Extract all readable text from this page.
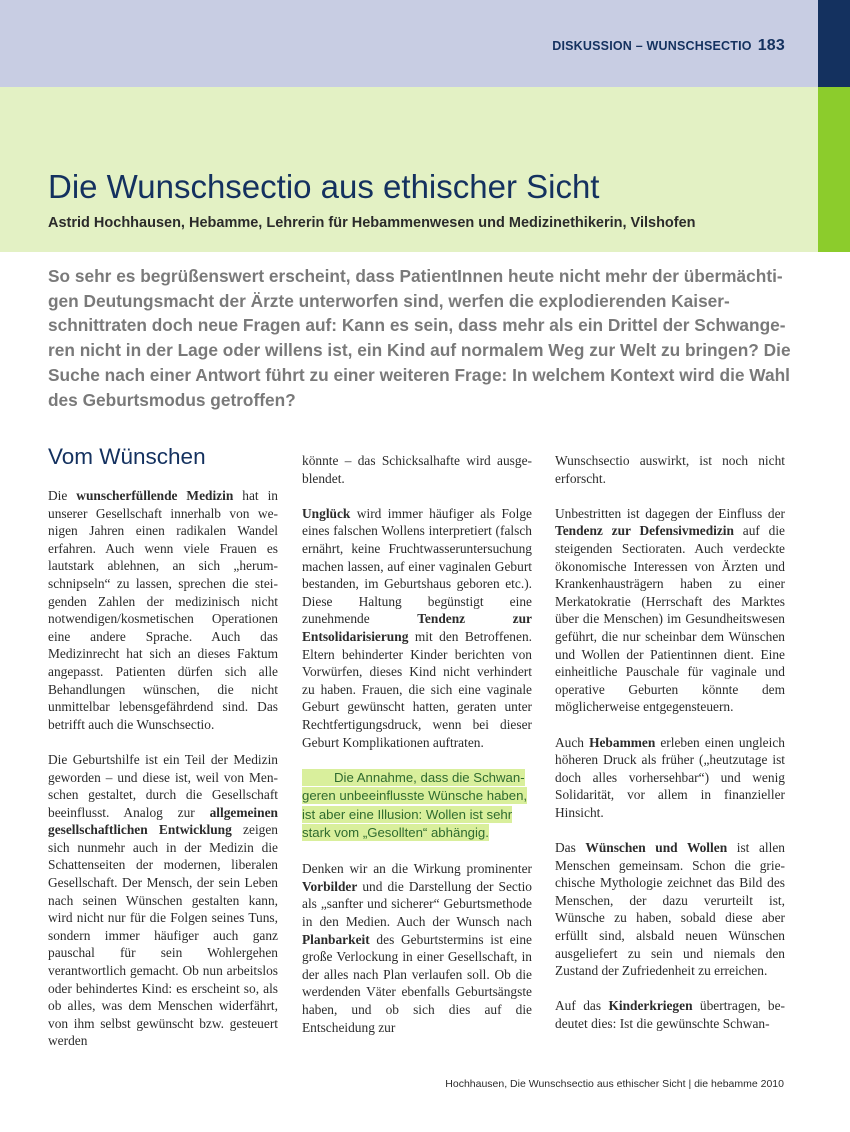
DISKUSSION – WUNSCHSECTIO 183
Die Wunschsectio aus ethischer Sicht

Astrid Hochhausen, Hebamme, Lehrerin für Hebammenwesen und Medizinethikerin, Vilshofen

So sehr es begrüßenswert erscheint, dass PatientInnen heute nicht mehr der übermächtigen Deutungsmacht der Ärzte unterworfen sind, werfen die explodierenden Kaiserschnittraten doch neue Fragen auf: Kann es sein, dass mehr als ein Drittel der Schwangeren nicht in der Lage oder willens ist, ein Kind auf normalem Weg zur Welt zu bringen? Die Suche nach einer Antwort führt zu einer weiteren Frage: In welchem Kontext wird die Wahl des Geburtsmodus getroffen?

Vom Wünschen

Die wunscherfüllende Medizin hat in unserer Gesellschaft innerhalb von wenigen Jahren einen radikalen Wandel erfahren. Auch wenn viele Frauen es lautstark ablehnen, an sich „herumschnipseln“ zu lassen, sprechen die steigenden Zahlen der medizinisch nicht notwendigen/kosmetischen Operationen eine andere Sprache. Auch das Medizinrecht hat sich an dieses Faktum angepasst. Patienten dürfen sich alle Behandlungen wünschen, die nicht unmittelbar lebensgefährdend sind. Das betrifft auch die Wunschsectio.

Die Geburtshilfe ist ein Teil der Medizin geworden – und diese ist, weil von Menschen gestaltet, durch die Gesellschaft beeinflusst. Analog zur allgemeinen gesellschaftlichen Entwicklung zeigen sich nunmehr auch in der Medizin die Schattenseiten der modernen, liberalen Gesellschaft. Der Mensch, der sein Leben nach seinen Wünschen gestalten kann, wird nicht nur für die Folgen seines Tuns, sondern immer häufiger auch ganz pauschal für sein Wohlergehen verantwortlich gemacht. Ob nun arbeitslos oder behindertes Kind: es erscheint so, als ob alles, was dem Menschen widerfährt, von ihm selbst gewünscht bzw. gesteuert werden

könnte – das Schicksalhafte wird ausgeblendet.

Unglück wird immer häufiger als Folge eines falschen Wollens interpretiert (falsch ernährt, keine Fruchtwasseruntersuchung machen lassen, auf einer vaginalen Geburt bestanden, im Geburtshaus geboren etc.). Diese Haltung begünstigt eine zunehmende Tendenz zur Entsolidarisierung mit den Betroffenen. Eltern behinderter Kinder berichten von Vorwürfen, dieses Kind nicht verhindert zu haben. Frauen, die sich eine vaginale Geburt gewünscht hatten, geraten unter Rechtfertigungsdruck, wenn bei dieser Geburt Komplikationen auftraten.

Die Annahme, dass die Schwangeren unbeeinflusste Wünsche haben, ist aber eine Illusion: Wollen ist sehr stark vom „Gesollten“ abhängig.

Denken wir an die Wirkung prominenter Vorbilder und die Darstellung der Sectio als „sanfter und sicherer“ Geburtsmethode in den Medien. Auch der Wunsch nach Planbarkeit des Geburtstermins ist eine große Verlockung in einer Gesellschaft, in der alles nach Plan verlaufen soll. Ob die werdenden Väter ebenfalls Geburtsängste haben, und ob sich dies auf die Entscheidung zur

Wunschsectio auswirkt, ist noch nicht erforscht.

Unbestritten ist dagegen der Einfluss der Tendenz zur Defensivmedizin auf die steigenden Sectioraten. Auch verdeckte ökonomische Interessen von Ärzten und Krankenhausträgern haben zu einer Merkatokratie (Herrschaft des Marktes über die Menschen) im Gesundheitswesen geführt, die nur scheinbar dem Wünschen und Wollen der Patientinnen dient. Eine einheitliche Pauschale für vaginale und operative Geburten könnte dem möglicherweise entgegensteuern.

Auch Hebammen erleben einen ungleich höheren Druck als früher („heutzutage ist doch alles vorhersehbar“) und wenig Solidarität, vor allem in finanzieller Hinsicht.

Das Wünschen und Wollen ist allen Menschen gemeinsam. Schon die griechische Mythologie zeichnet das Bild des Menschen, der dazu verurteilt ist, Wünsche zu haben, sobald diese aber erfüllt sind, alsbald neuen Wünschen ausgeliefert zu sein und niemals den Zustand der Zufriedenheit zu erreichen.

Auf das Kinderkriegen übertragen, bedeutet dies: Ist die gewünschte Schwan-

Hochhausen, Die Wunschsectio aus ethischer Sicht | die hebamme 2010
